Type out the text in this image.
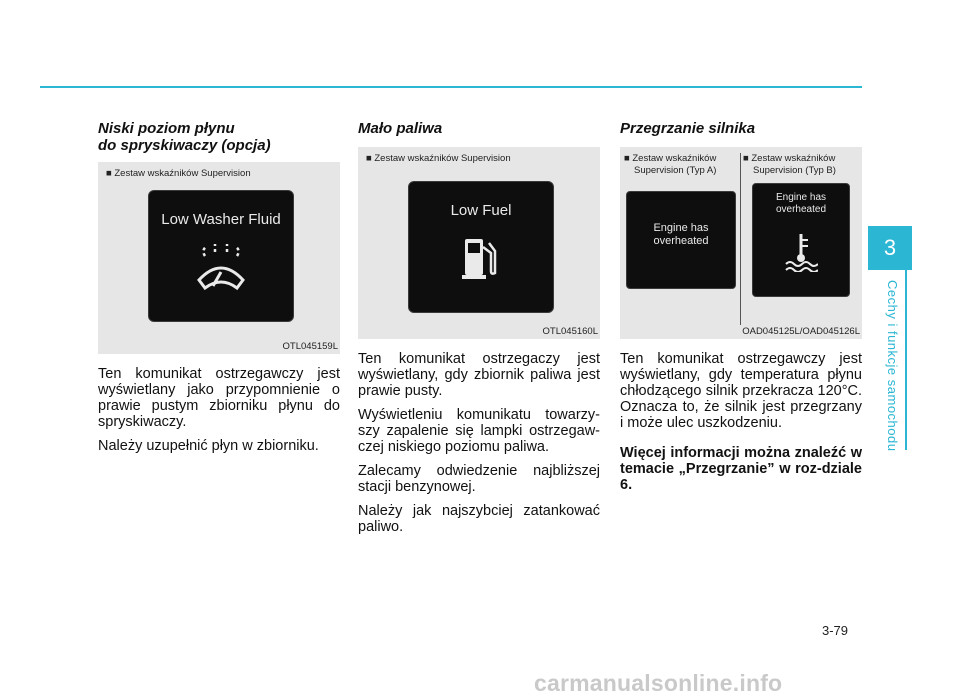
3
Cechy i funkcje samochodu
Niski poziom płynu
do spryskiwaczy (opcja)
■ Zestaw wskaźników Supervision
Low Washer Fluid
OTL045159L

Ten komunikat ostrzegawczy jest wyświetlany jako przypomnienie o prawie pustym zbiorniku płynu do spryskiwaczy.

Należy uzupełnić płyn w zbiorniku.

Mało paliwa
■ Zestaw wskaźników Supervision
Low Fuel
OTL045160L

Ten komunikat ostrzegaczy jest wyświetlany, gdy zbiornik paliwa jest prawie pusty.

Wyświetleniu komunikatu towarzy-szy zapalenie się lampki ostrzegaw-czej niskiego poziomu paliwa.

Zalecamy odwiedzenie najbliższej stacji benzynowej.

Należy jak najszybciej zatankować paliwo.

Przegrzanie silnika
■ Zestaw wskaźników
Supervision (Typ A)
■ Zestaw wskaźników
Supervision (Typ B)
Engine has
overheated
Engine has
overheated
OAD045125L/OAD045126L

Ten komunikat ostrzegawczy jest wyświetlany, gdy temperatura płynu chłodzącego silnik przekracza 120°C. Oznacza to, że silnik jest przegrzany i może ulec uszkodzeniu.

Więcej informacji można znaleźć w temacie „Przegrzanie” w roz-dziale 6.

3-79
carmanualsonline.info
